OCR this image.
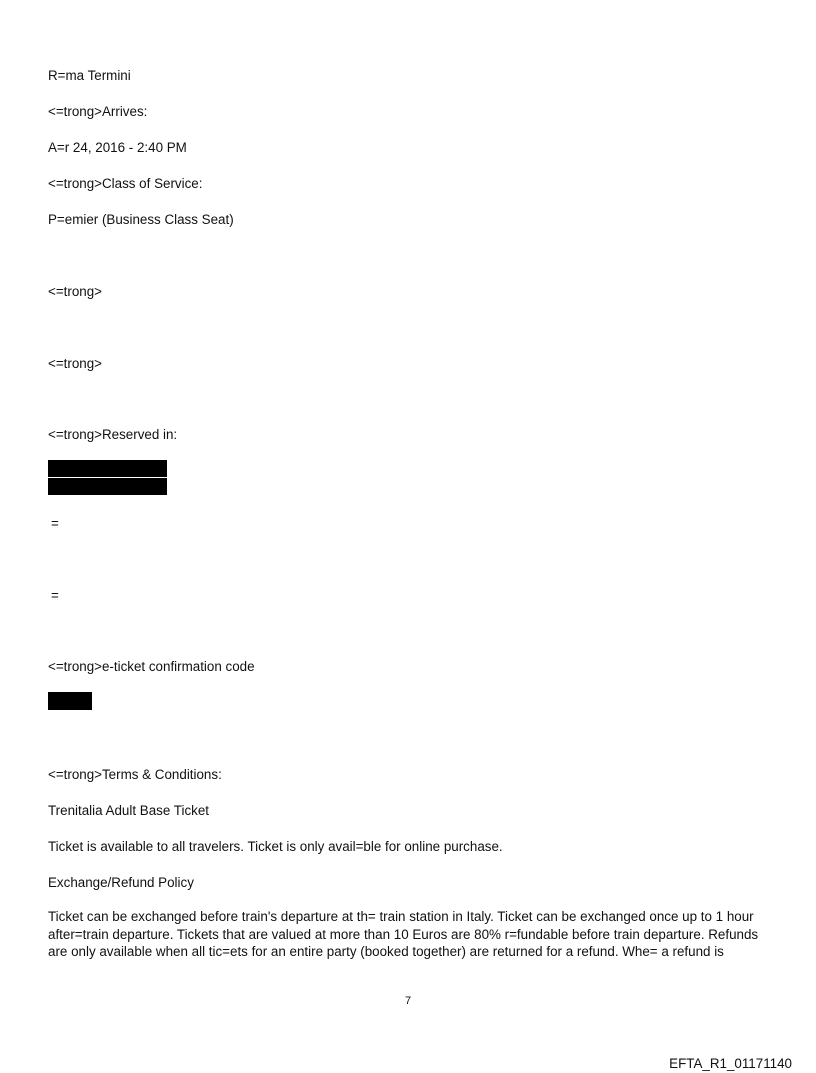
R=ma Termini

<=trong>Arrives:

A=r 24, 2016 - 2:40 PM

<=trong>Class of Service:

P=emier (Business Class Seat)

<=trong>

<=trong>

<=trong>Reserved in:

=

=

<=trong>e-ticket confirmation code

<=trong>Terms & Conditions:

Trenitalia Adult Base Ticket

Ticket is available to all travelers. Ticket is only avail=ble for online purchase.

Exchange/Refund Policy

Ticket can be exchanged before train's departure at th= train station in Italy. Ticket can be exchanged once up to 1 hour after=train departure. Tickets that are valued at more than 10 Euros are 80% r=fundable before train departure. Refunds are only available when all tic=ets for an entire party (booked together) are returned for a refund. Whe= a refund is

7

EFTA_R1_01171140
